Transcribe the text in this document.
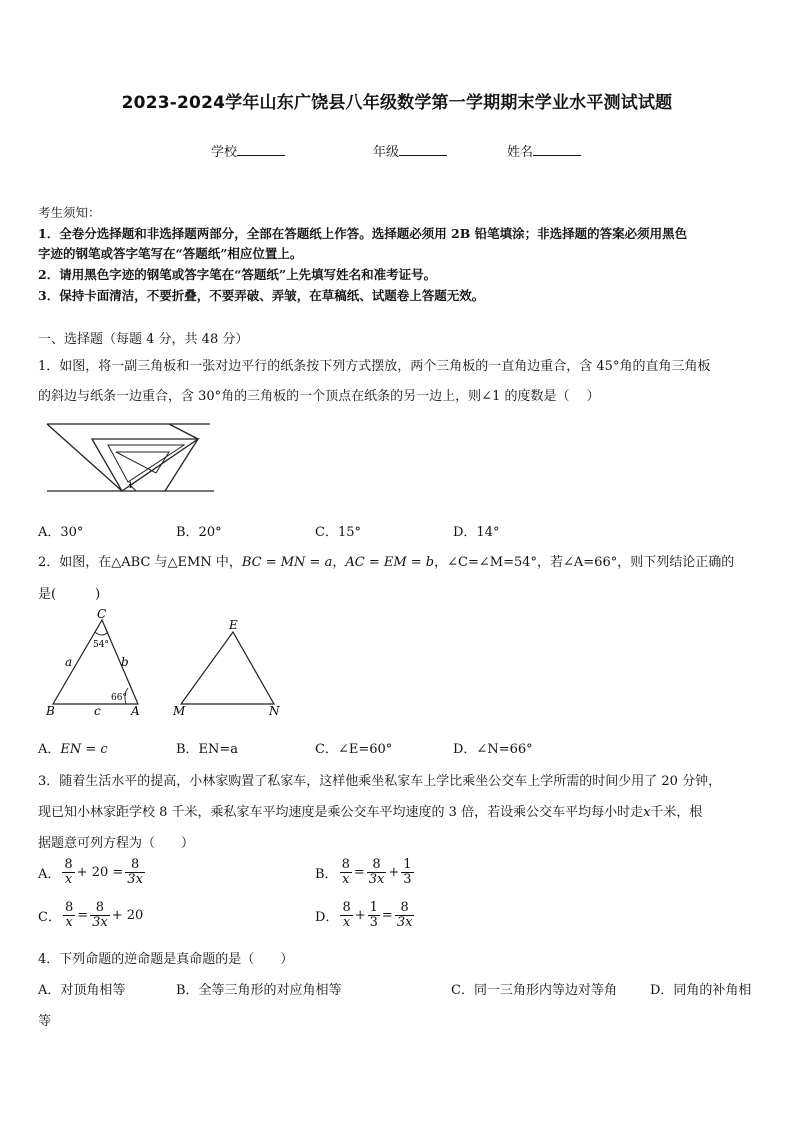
2023-2024学年山东广饶县八年级数学第一学期期末学业水平测试试题
学校	年级	姓名
考生须知：
1．全卷分选择题和非选择题两部分，全部在答题纸上作答。选择题必须用 2B 铅笔填涂；非选择题的答案必须用黑色
字迹的钢笔或答字笔写在“答题纸”相应位置上。
2．请用黑色字迹的钢笔或答字笔在“答题纸”上先填写姓名和准考证号。
3．保持卡面清洁，不要折叠，不要弄破、弄皱，在草稿纸、试题卷上答题无效。
一、选择题（每题 4 分，共 48 分）
1．如图，将一副三角板和一张对边平行的纸条按下列方式摆放，两个三角板的一直角边重合，含 45°角的直角三角板
的斜边与纸条一边重合，含 30°角的三角板的一个顶点在纸条的另一边上，则∠1 的度数是（　 ）
1
A．30°	B．20°	C．15°	D．14°
2．如图，在△ABC 与△EMN 中，BC = MN = a，AC = EM = b，∠C=∠M=54°，若∠A=66°，则下列结论正确的
是(　　　)
C
B	A
a	b
c
54°
66°
E
M	N
A．EN = c	B．EN=a	C．∠E=60°	D．∠N=66°
3．随着生活水平的提高，小林家购置了私家车，这样他乘坐私家车上学比乘坐公交车上学所需的时间少用了 20 分钟，
现已知小林家距学校 8 千米，乘私家车平均速度是乘公交车平均速度的 3 倍，若设乘公交车平均每小时走x千米，根
据题意可列方程为（　　）
A． $\frac{8}{x} + 20 = \frac{8}{3x}$	B． $\frac{8}{x} = \frac{8}{3x} + \frac{1}{3}$
C． $\frac{8}{x} = \frac{8}{3x} + 20$	D． $\frac{8}{x} + \frac{1}{3} = \frac{8}{3x}$
4．下列命题的逆命题是真命题的是（　　）
A．对顶角相等	B．全等三角形的对应角相等	C．同一三角形内等边对等角	D．同角的补角相
等
